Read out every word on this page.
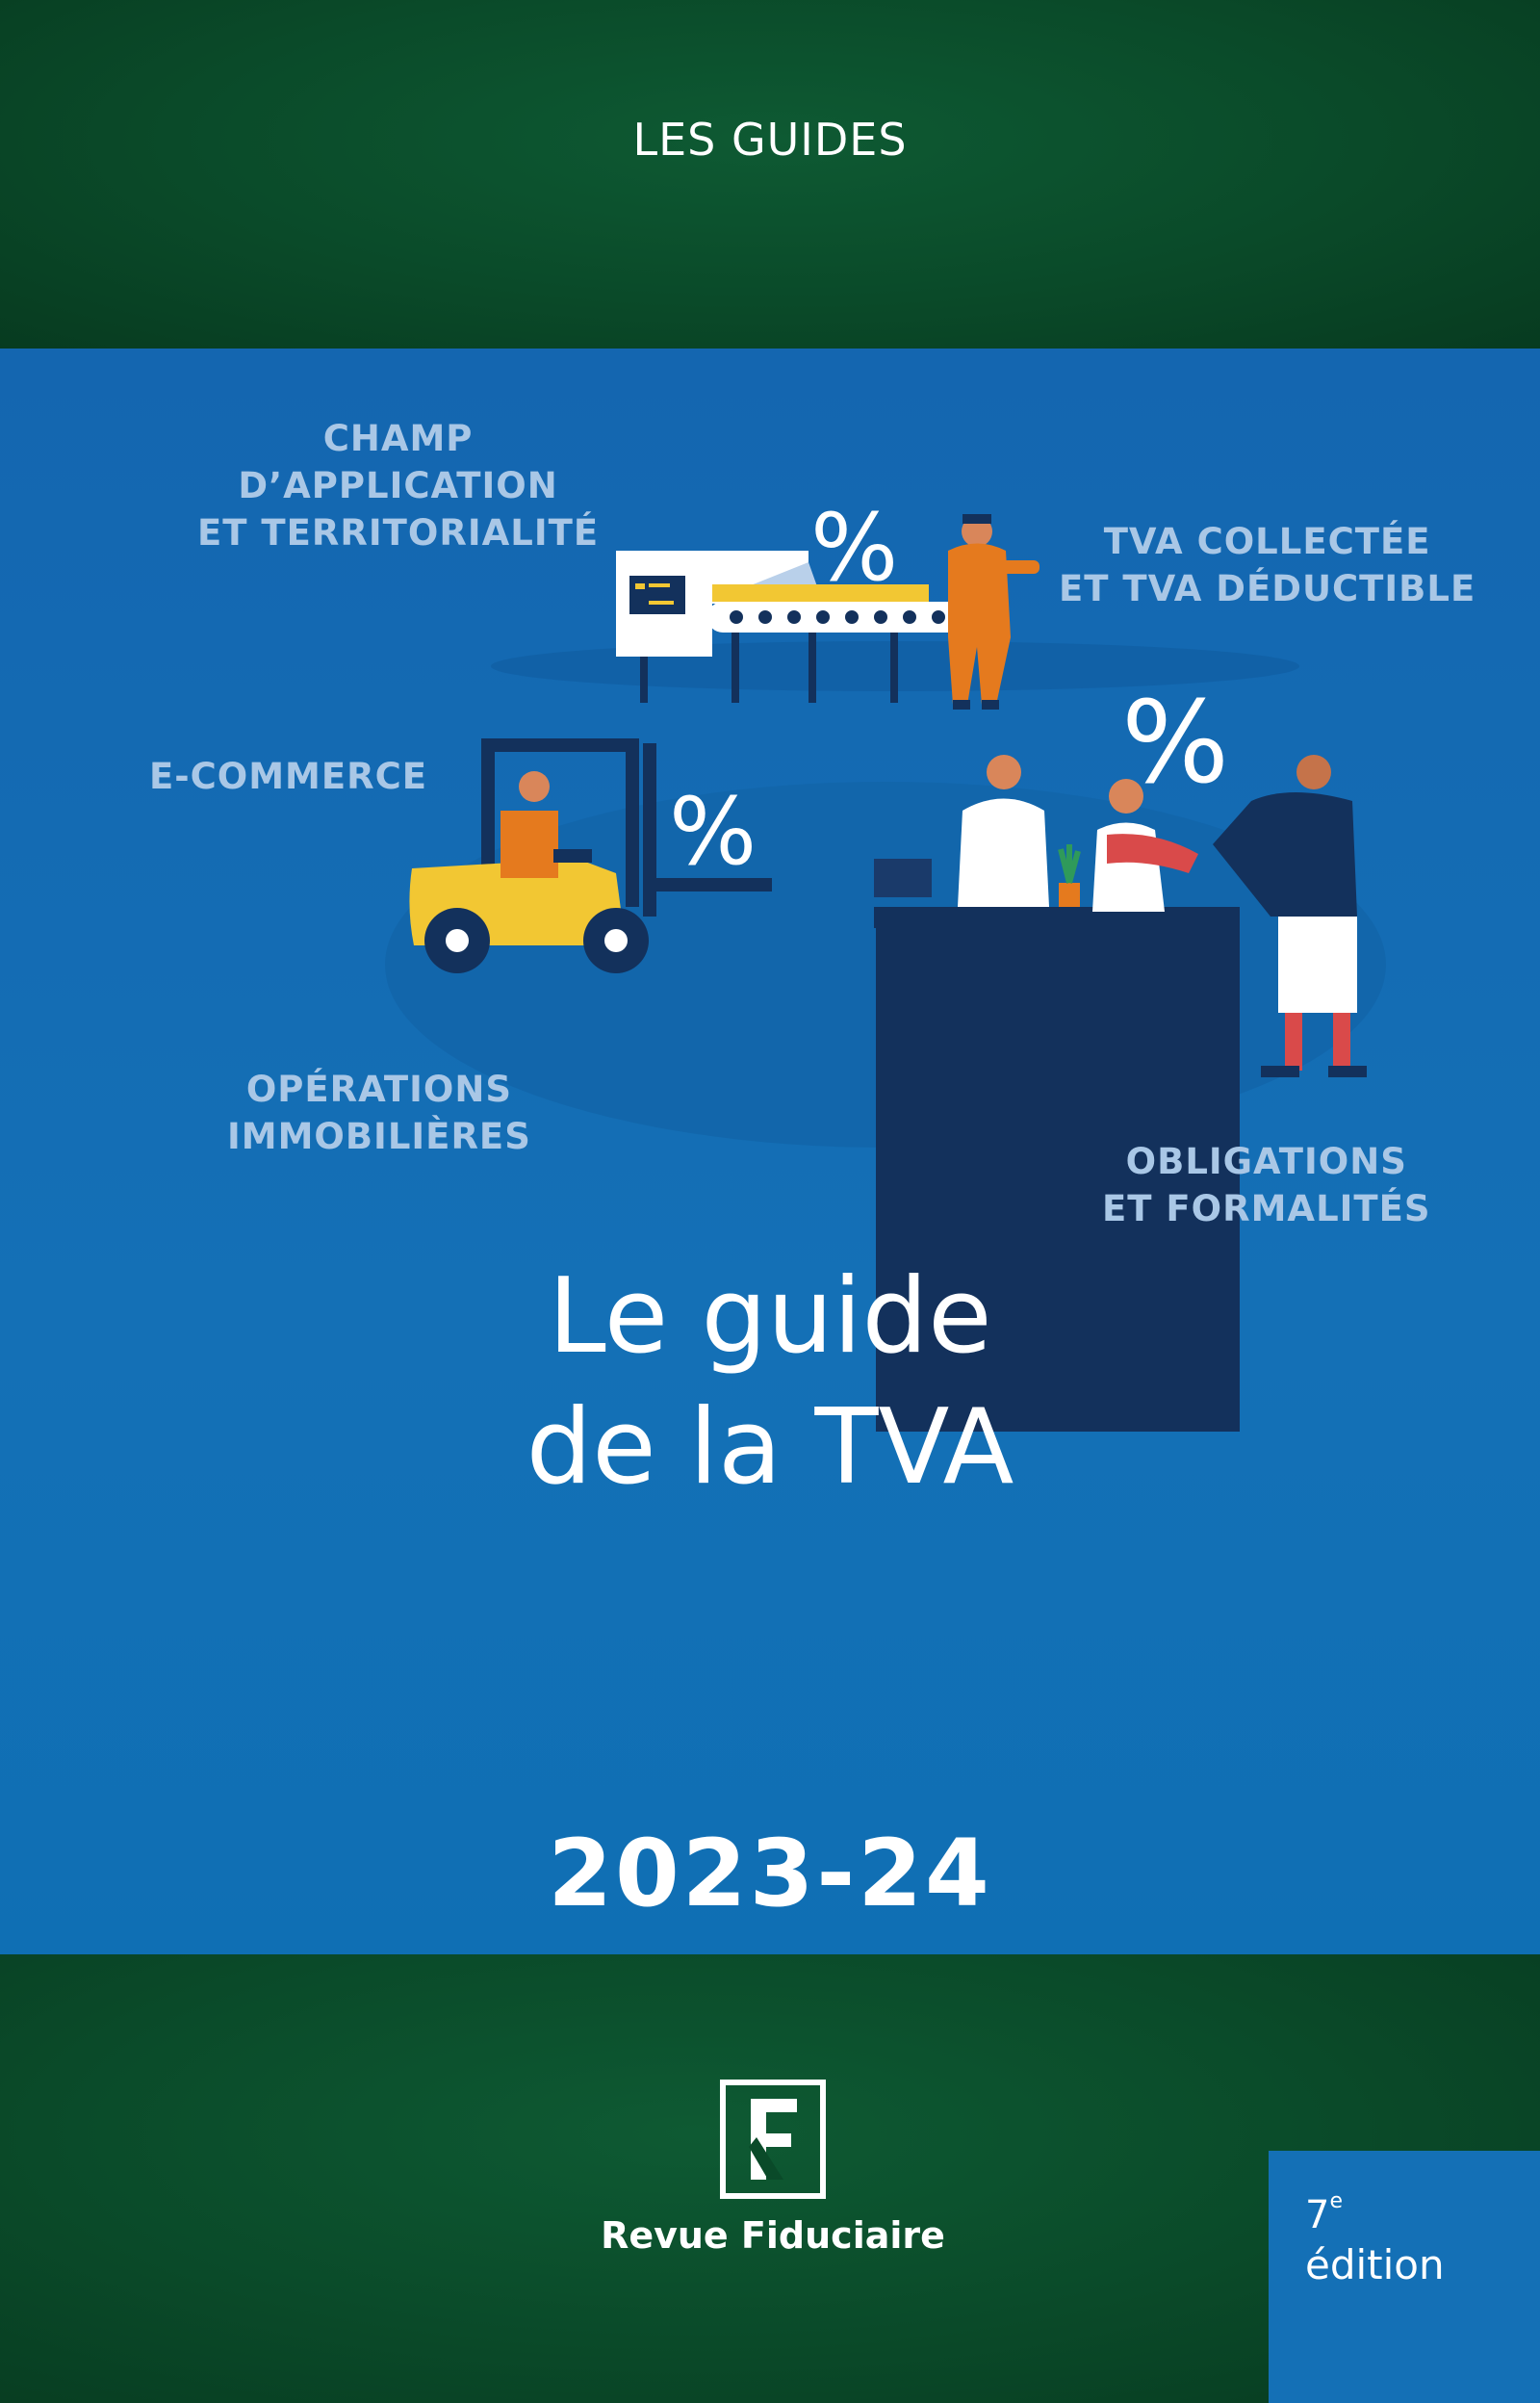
LES GUIDES
%
%
%
CHAMP
D’APPLICATION
ET TERRITORIALITÉ	TVA COLLECTÉE
ET TVA DÉDUCTIBLE
E-COMMERCE
OPÉRATIONS
IMMOBILIÈRES
OBLIGATIONS
ET FORMALITÉS
Le guide
de la TVA
2023-24
Revue Fiduciaire	7e
édition
